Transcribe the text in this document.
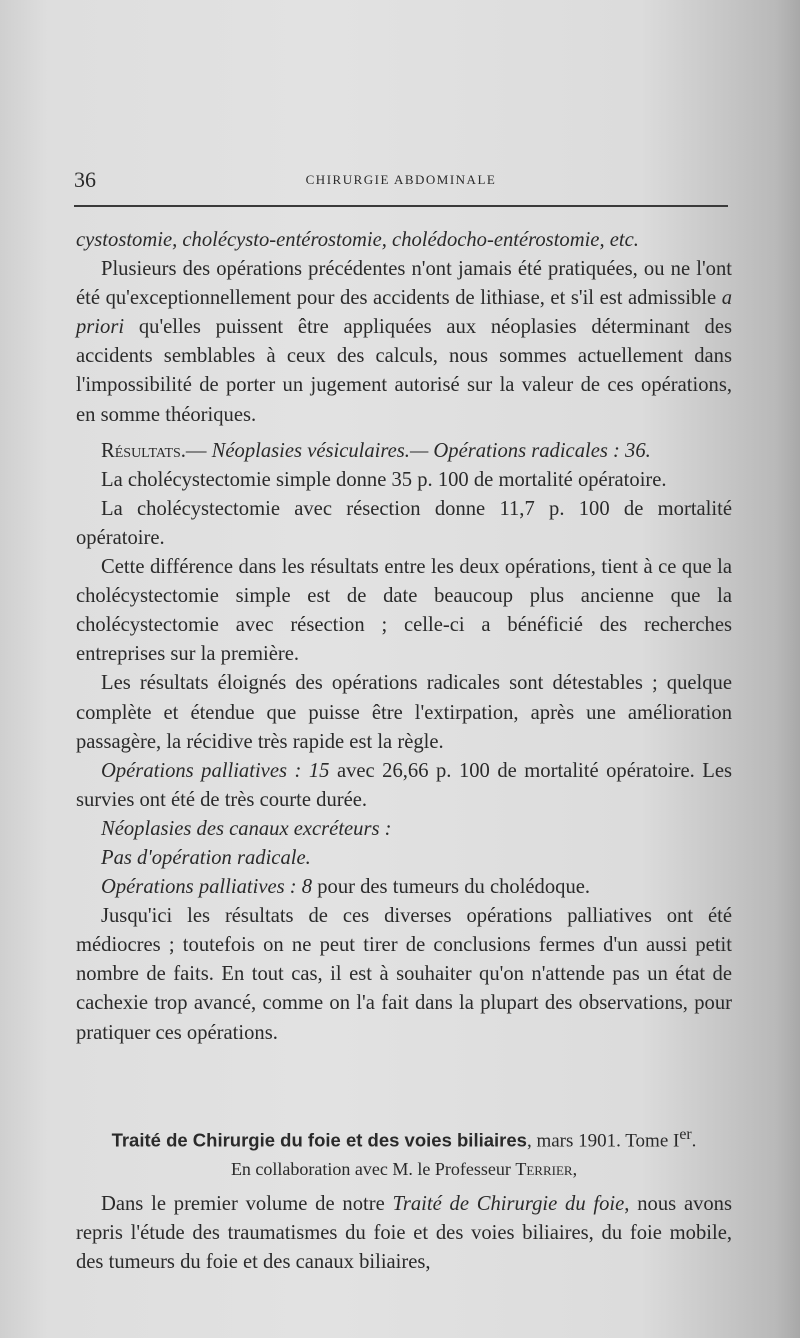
36	CHIRURGIE ABDOMINALE

cystostomie, cholécysto-entérostomie, cholédocho-entérostomie, etc.

Plusieurs des opérations précédentes n'ont jamais été pratiquées, ou ne l'ont été qu'exceptionnellement pour des accidents de lithiase, et s'il est admissible a priori qu'elles puissent être appliquées aux néoplasies déterminant des accidents semblables à ceux des calculs, nous sommes actuellement dans l'impossibilité de porter un jugement autorisé sur la valeur de ces opérations, en somme théoriques.

Résultats.— Néoplasies vésiculaires.— Opérations radicales : 36.

La cholécystectomie simple donne 35 p. 100 de mortalité opératoire.

La cholécystectomie avec résection donne 11,7 p. 100 de mortalité opératoire.

Cette différence dans les résultats entre les deux opérations, tient à ce que la cholécystectomie simple est de date beaucoup plus ancienne que la cholécystectomie avec résection ; celle-ci a bénéficié des recherches entreprises sur la première.

Les résultats éloignés des opérations radicales sont détestables ; quelque complète et étendue que puisse être l'extirpation, après une amélioration passagère, la récidive très rapide est la règle.

Opérations palliatives : 15 avec 26,66 p. 100 de mortalité opératoire. Les survies ont été de très courte durée.

Néoplasies des canaux excréteurs :

Pas d'opération radicale.

Opérations palliatives : 8 pour des tumeurs du cholédoque.

Jusqu'ici les résultats de ces diverses opérations palliatives ont été médiocres ; toutefois on ne peut tirer de conclusions fermes d'un aussi petit nombre de faits. En tout cas, il est à souhaiter qu'on n'attende pas un état de cachexie trop avancé, comme on l'a fait dans la plupart des observations, pour pratiquer ces opérations.

Traité de Chirurgie du foie et des voies biliaires, mars 1901. Tome Ier.
En collaboration avec M. le Professeur Terrier,

Dans le premier volume de notre Traité de Chirurgie du foie, nous avons repris l'étude des traumatismes du foie et des voies biliaires, du foie mobile, des tumeurs du foie et des canaux biliaires,
